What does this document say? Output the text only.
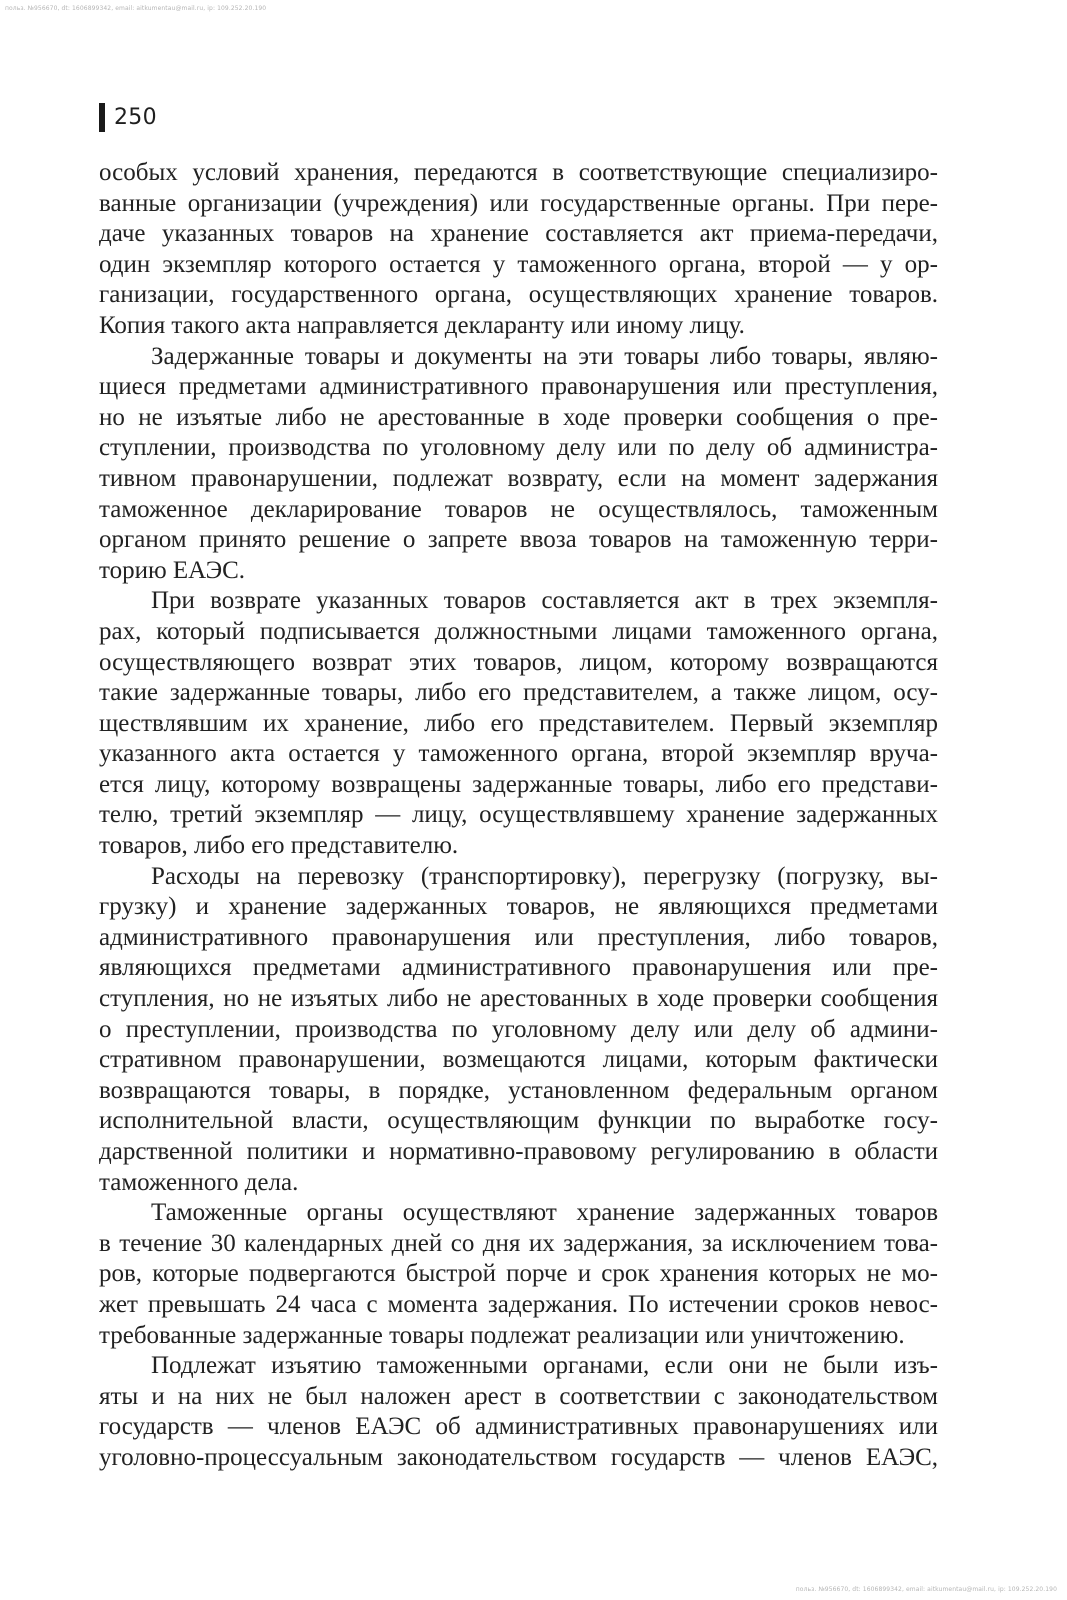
польз. №956670, dt: 1606899342, email: aitkumentau@mail.ru, ip: 109.252.20.190
250
особых условий хранения, передаются в соответствующие специализиро-
ванные организации (учреждения) или государственные органы. При пере-
даче указанных товаров на хранение составляется акт приема-передачи,
один экземпляр которого остается у таможенного органа, второй — у ор-
ганизации, государственного органа, осуществляющих хранение товаров.
Копия такого акта направляется декларанту или иному лицу.
Задержанные товары и документы на эти товары либо товары, являю-
щиеся предметами административного правонарушения или преступления,
но не изъятые либо не арестованные в ходе проверки сообщения о пре-
ступлении, производства по уголовному делу или по делу об администра-
тивном правонарушении, подлежат возврату, если на момент задержания
таможенное декларирование товаров не осуществлялось, таможенным
органом принято решение о запрете ввоза товаров на таможенную терри-
торию ЕАЭС.
При возврате указанных товаров составляется акт в трех экземпля-
рах, который подписывается должностными лицами таможенного органа,
осуществляющего возврат этих товаров, лицом, которому возвращаются
такие задержанные товары, либо его представителем, а также лицом, осу-
ществлявшим их хранение, либо его представителем. Первый экземпляр
указанного акта остается у таможенного органа, второй экземпляр вруча-
ется лицу, которому возвращены задержанные товары, либо его представи-
телю, третий экземпляр — лицу, осуществлявшему хранение задержанных
товаров, либо его представителю.
Расходы на перевозку (транспортировку), перегрузку (погрузку, вы-
грузку) и хранение задержанных товаров, не являющихся предметами
административного правонарушения или преступления, либо товаров,
являющихся предметами административного правонарушения или пре-
ступления, но не изъятых либо не арестованных в ходе проверки сообщения
о преступлении, производства по уголовному делу или делу об админи-
стративном правонарушении, возмещаются лицами, которым фактически
возвращаются товары, в порядке, установленном федеральным органом
исполнительной власти, осуществляющим функции по выработке госу-
дарственной политики и нормативно-правовому регулированию в области
таможенного дела.
Таможенные органы осуществляют хранение задержанных товаров
в течение 30 календарных дней со дня их задержания, за исключением това-
ров, которые подвергаются быстрой порче и срок хранения которых не мо-
жет превышать 24 часа с момента задержания. По истечении сроков невос-
требованные задержанные товары подлежат реализации или уничтожению.
Подлежат изъятию таможенными органами, если они не были изъ-
яты и на них не был наложен арест в соответствии с законодательством
государств — членов ЕАЭС об административных правонарушениях или
уголовно-процессуальным законодательством государств — членов ЕАЭС,
польз. №956670, dt: 1606899342, email: aitkumentau@mail.ru, ip: 109.252.20.190
